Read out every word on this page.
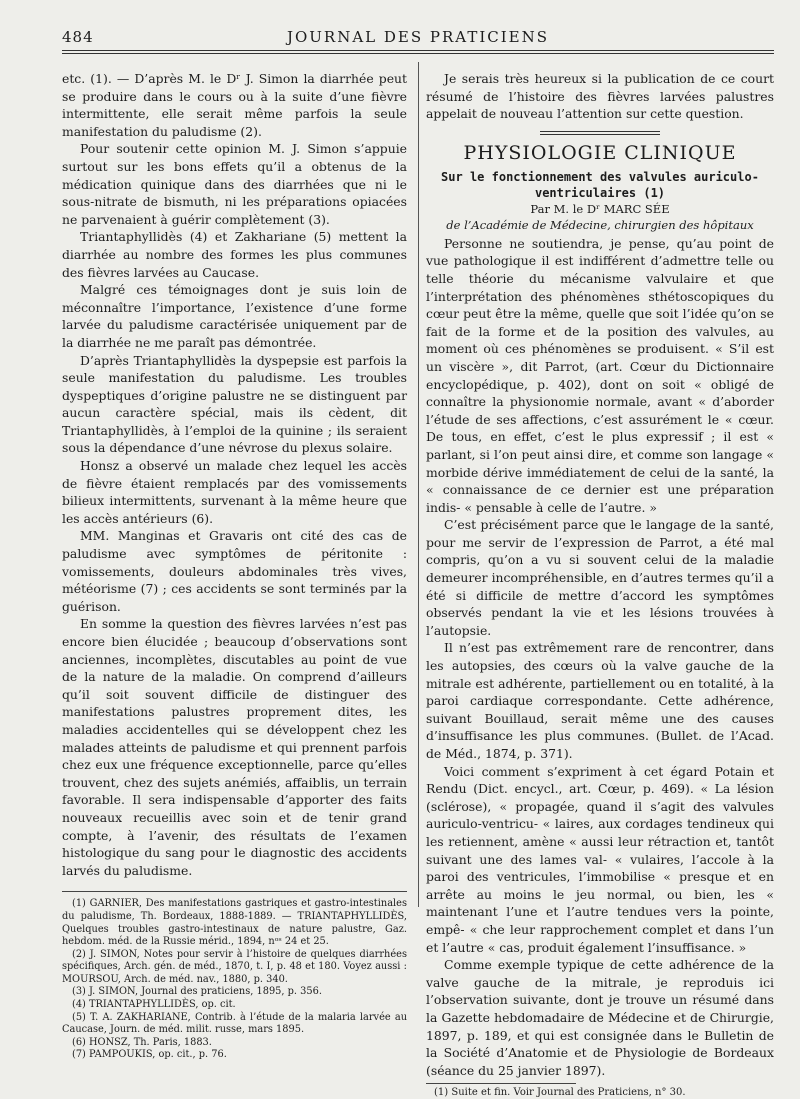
484	JOURNAL DES PRATICIENS

etc. (1). — D’après M. le Dʳ J. Simon la diarrhée peut se produire dans le cours ou à la suite d’une fièvre intermittente, elle serait même parfois la seule manifestation du paludisme (2).

Pour soutenir cette opinion M. J. Simon s’appuie surtout sur les bons effets qu’il a obtenus de la médication quinique dans des diarrhées que ni le sous-nitrate de bismuth, ni les préparations opiacées ne parvenaient à guérir complètement (3).

Triantaphyllidès (4) et Zakhariane (5) mettent la diarrhée au nombre des formes les plus communes des fièvres larvées au Caucase.

Malgré ces témoignages dont je suis loin de méconnaître l’importance, l’existence d’une forme larvée du paludisme caractérisée uniquement par de la diarrhée ne me paraît pas démontrée.

D’après Triantaphyllidès la dyspepsie est parfois la seule manifestation du paludisme. Les troubles dyspeptiques d’origine palustre ne se distinguent par aucun caractère spécial, mais ils cèdent, dit Triantaphyllidès, à l’emploi de la quinine ; ils seraient sous la dépendance d’une névrose du plexus solaire.

Honsz a observé un malade chez lequel les accès de fièvre étaient remplacés par des vomissements bilieux intermittents, survenant à la même heure que les accès antérieurs (6).

MM. Manginas et Gravaris ont cité des cas de paludisme avec symptômes de péritonite : vomissements, douleurs abdominales très vives, météorisme (7) ; ces accidents se sont terminés par la guérison.

En somme la question des fièvres larvées n’est pas encore bien élucidée ; beaucoup d’observations sont anciennes, incomplètes, discutables au point de vue de la nature de la maladie. On comprend d’ailleurs qu’il soit souvent difficile de distinguer des manifestations palustres proprement dites, les maladies accidentelles qui se développent chez les malades atteints de paludisme et qui prennent parfois chez eux une fréquence exceptionnelle, parce qu’elles trouvent, chez des sujets anémiés, affaiblis, un terrain favorable. Il sera indispensable d’apporter des faits nouveaux recueillis avec soin et de tenir grand compte, à l’avenir, des résultats de l’examen histologique du sang pour le diagnostic des accidents larvés du paludisme.

(1) GARNIER, Des manifestations gastriques et gastro-intestinales du paludisme, Th. Bordeaux, 1888-1889. — TRIANTAPHYLLIDÈS, Quelques troubles gastro-intestinaux de nature palustre, Gaz. hebdom. méd. de la Russie mérid., 1894, nᵒˢ 24 et 25.
(2) J. SIMON, Notes pour servir à l’histoire de quelques diarrhées spécifiques, Arch. gén. de méd., 1870, t. I, p. 48 et 180. Voyez aussi : MOURSOU, Arch. de méd. nav., 1880, p. 340.
(3) J. SIMON, Journal des praticiens, 1895, p. 356.
(4) TRIANTAPHYLLIDÈS, op. cit.
(5) T. A. ZAKHARIANE, Contrib. à l’étude de la malaria larvée au Caucase, Journ. de méd. milit. russe, mars 1895.
(6) HONSZ, Th. Paris, 1883.
(7) PAMPOUKIS, op. cit., p. 76.

Je serais très heureux si la publication de ce court résumé de l’histoire des fièvres larvées palustres appelait de nouveau l’attention sur cette question.

PHYSIOLOGIE CLINIQUE
Sur le fonctionnement des valvules auriculo-
ventriculaires (1)
Par M. le Dʳ MARC SÉE
de l’Académie de Médecine, chirurgien des hôpitaux

Personne ne soutiendra, je pense, qu’au point de vue pathologique il est indifférent d’admettre telle ou telle théorie du mécanisme valvulaire et que l’interprétation des phénomènes sthétoscopiques du cœur peut être la même, quelle que soit l’idée qu’on se fait de la forme et de la position des valvules, au moment où ces phénomènes se produisent. « S’il est un viscère », dit Parrot, (art. Cœur du Dictionnaire encyclopédique, p. 402), dont on soit « obligé de connaître la physionomie normale, avant « d’aborder l’étude de ses affections, c’est assurément le « cœur. De tous, en effet, c’est le plus expressif ; il est « parlant, si l’on peut ainsi dire, et comme son langage « morbide dérive immédiatement de celui de la santé, la « connaissance de ce dernier est une préparation indis- « pensable à celle de l’autre. »

C’est précisément parce que le langage de la santé, pour me servir de l’expression de Parrot, a été mal compris, qu’on a vu si souvent celui de la maladie demeurer incompréhensible, en d’autres termes qu’il a été si difficile de mettre d’accord les symptômes observés pendant la vie et les lésions trouvées à l’autopsie.

Il n’est pas extrêmement rare de rencontrer, dans les autopsies, des cœurs où la valve gauche de la mitrale est adhérente, partiellement ou en totalité, à la paroi cardiaque correspondante. Cette adhérence, suivant Bouillaud, serait même une des causes d’insuffisance les plus communes. (Bullet. de l’Acad. de Méd., 1874, p. 371).

Voici comment s’expriment à cet égard Potain et Rendu (Dict. encycl., art. Cœur, p. 469). « La lésion (sclérose), « propagée, quand il s’agit des valvules auriculo-ventricu- « laires, aux cordages tendineux qui les retiennent, amène « aussi leur rétraction et, tantôt suivant une des lames val- « vulaires, l’accole à la paroi des ventricules, l’immobilise « presque et en arrête au moins le jeu normal, ou bien, les « maintenant l’une et l’autre tendues vers la pointe, empê- « che leur rapprochement complet et dans l’un et l’autre « cas, produit également l’insuffisance. »

Comme exemple typique de cette adhérence de la valve gauche de la mitrale, je reproduis ici l’observation suivante, dont je trouve un résumé dans la Gazette hebdomadaire de Médecine et de Chirurgie, 1897, p. 189, et qui est consignée dans le Bulletin de la Société d’Anatomie et de Physiologie de Bordeaux (séance du 25 janvier 1897).

(1) Suite et fin. Voir Journal des Praticiens, n° 30.
